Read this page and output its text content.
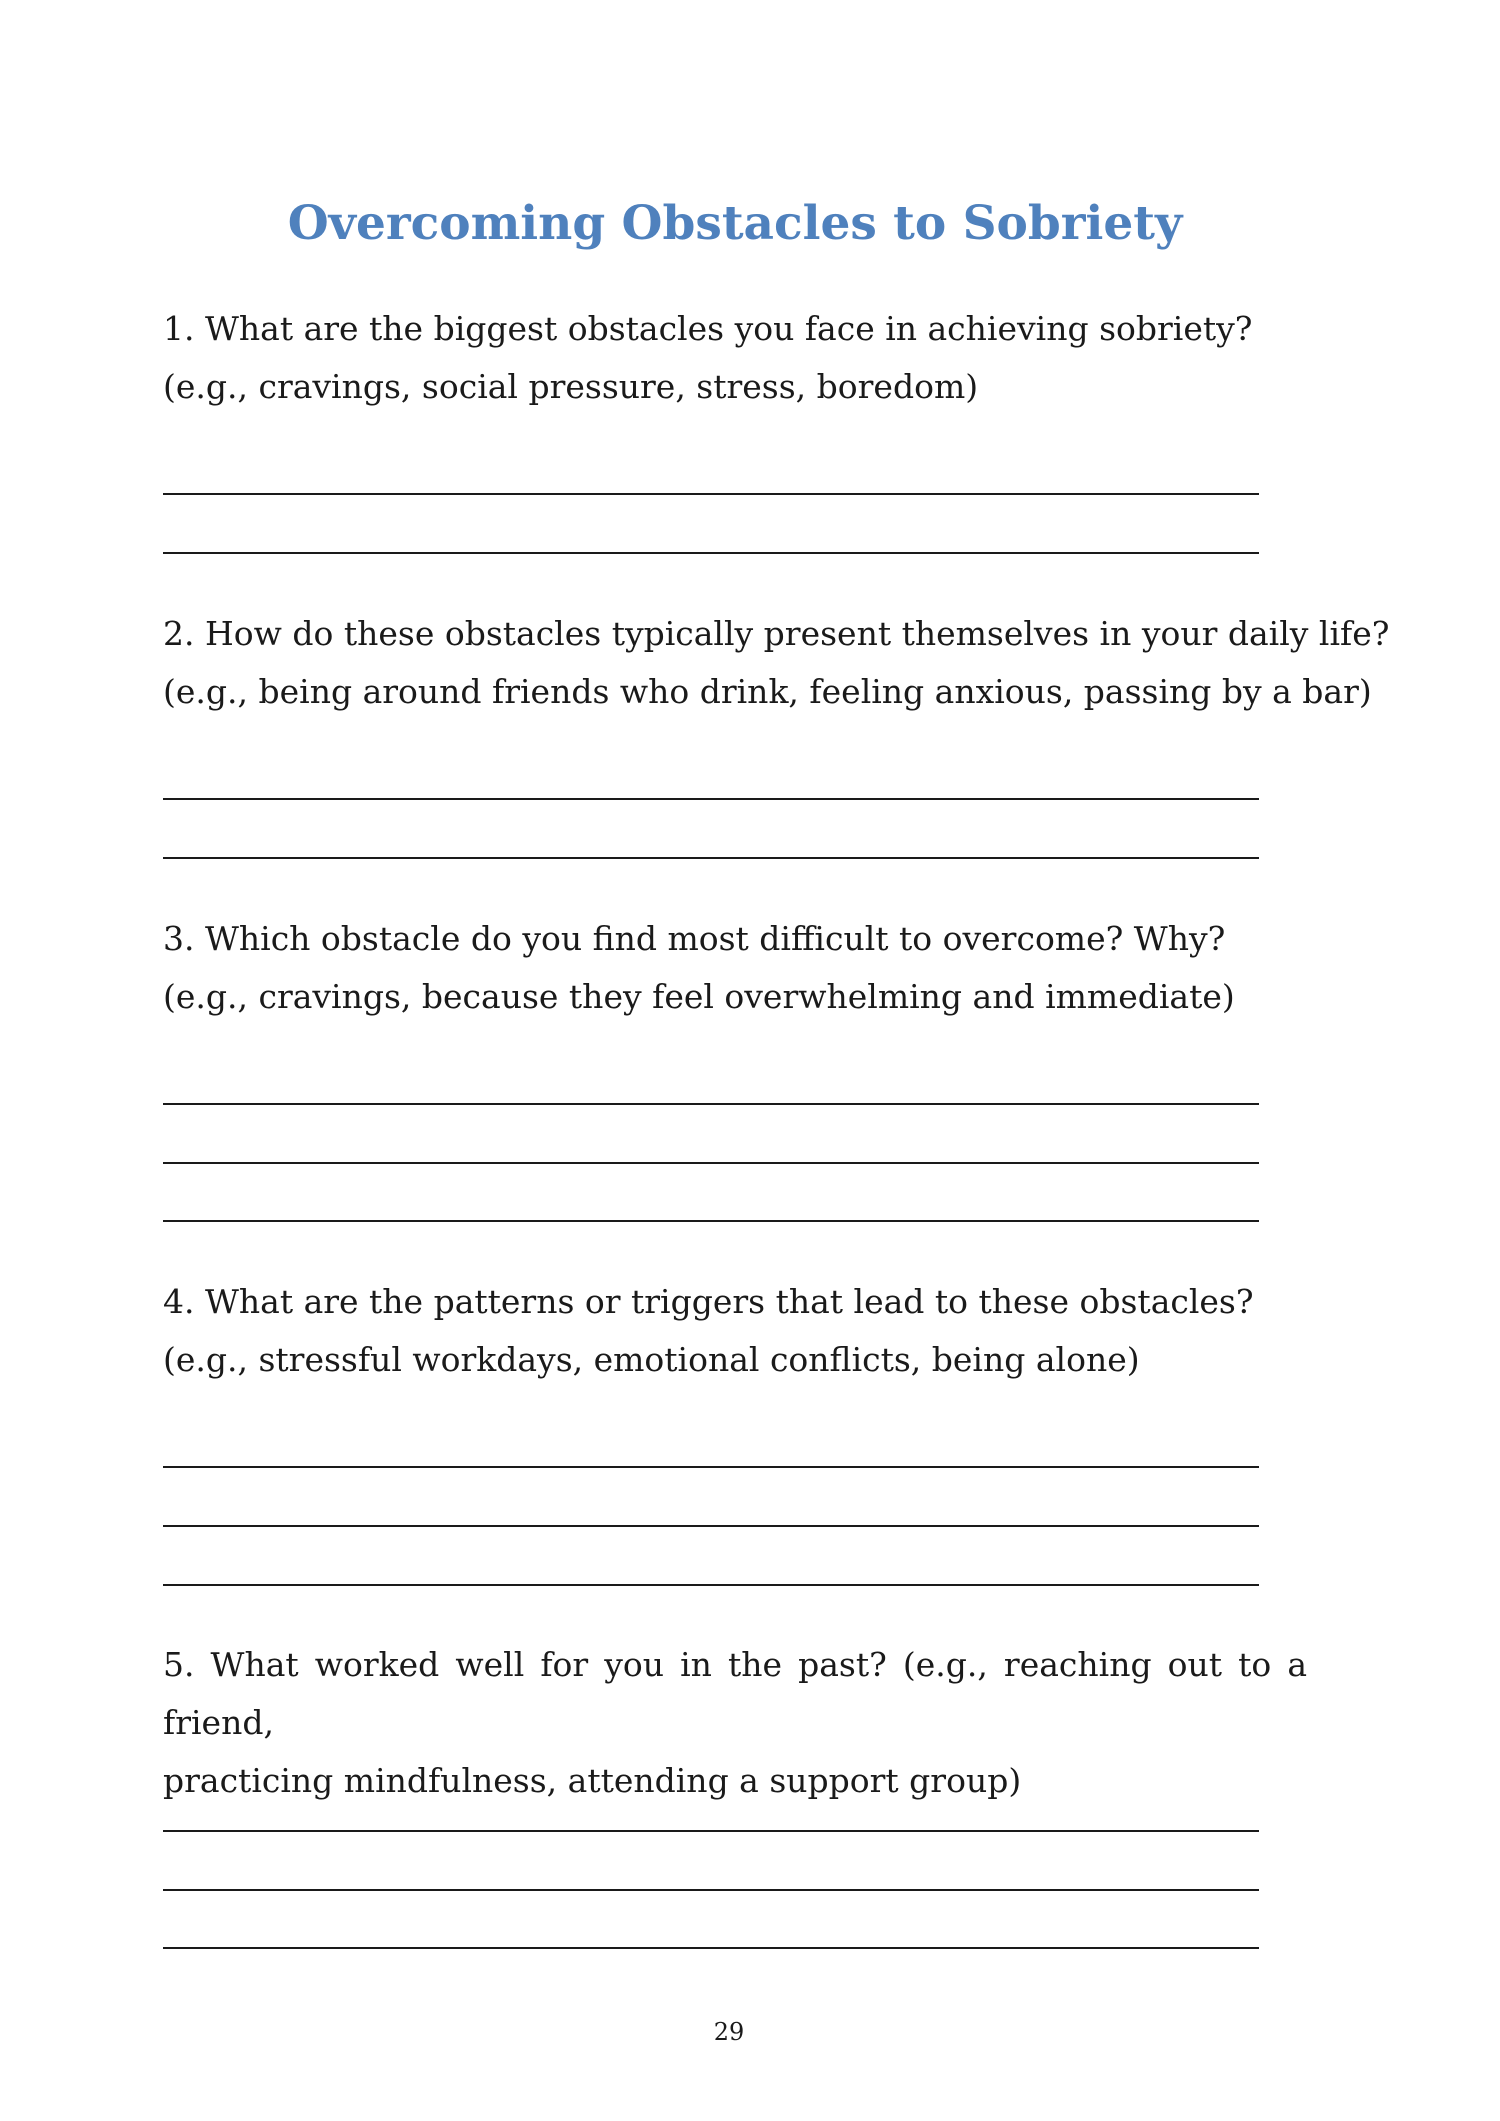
Overcoming Obstacles to Sobriety

1. What are the biggest obstacles you face in achieving sobriety?

(e.g., cravings, social pressure, stress, boredom)

2. How do these obstacles typically present themselves in your daily life?

(e.g., being around friends who drink, feeling anxious, passing by a bar)

3. Which obstacle do you find most difficult to overcome? Why?

(e.g., cravings, because they feel overwhelming and immediate)

4. What are the patterns or triggers that lead to these obstacles?

(e.g., stressful workdays, emotional conflicts, being alone)

5. What worked well for you in the past? (e.g., reaching out to a friend,

practicing mindfulness, attending a support group)

29
